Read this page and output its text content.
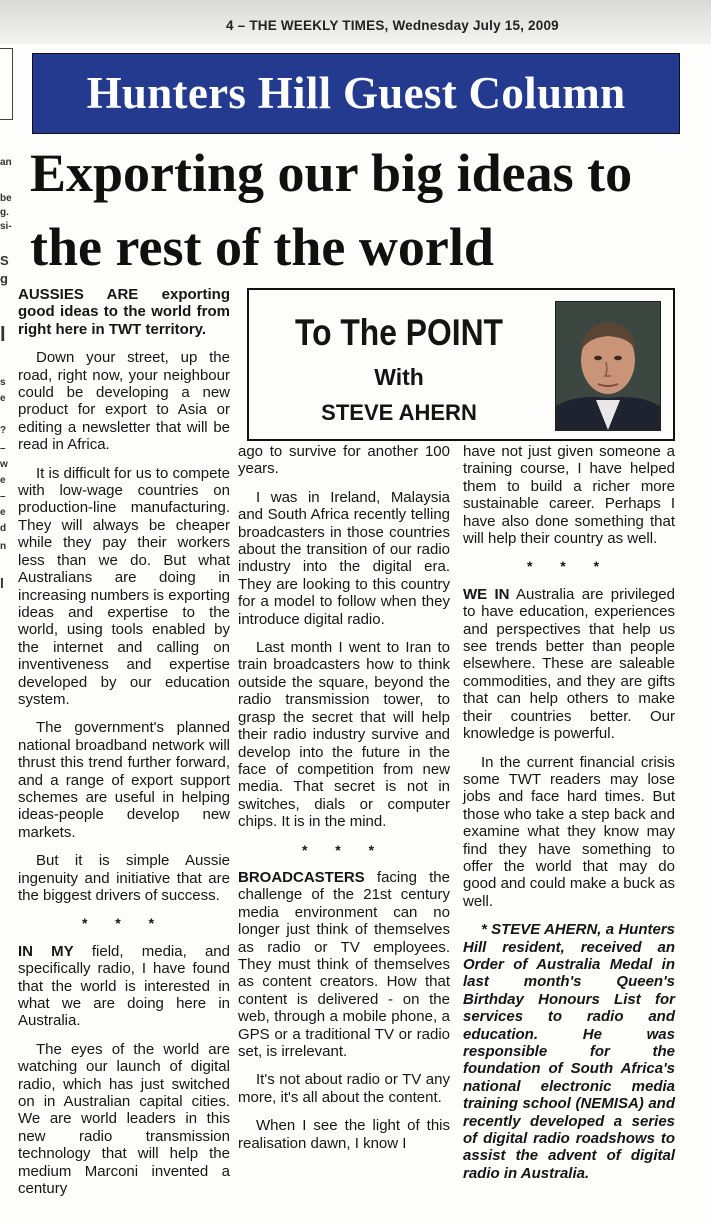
4 – THE WEEKLY TIMES, Wednesday July 15, 2009
an
be
g.
si-
S
g
l
s
e
?
–
w
e
–
e
d
n
l
Hunters Hill Guest Column
Exporting our big ideas to the rest of the world
To The POINT
With
STEVE AHERN

AUSSIES ARE exporting good ideas to the world from right here in TWT territory.

Down your street, up the road, right now, your neighbour could be developing a new product for export to Asia or editing a newsletter that will be read in Africa.

It is difficult for us to compete with low-wage countries on production-line manufacturing. They will always be cheaper while they pay their workers less than we do. But what Australians are doing in increasing numbers is exporting ideas and expertise to the world, using tools enabled by the internet and calling on inventiveness and expertise developed by our education system.

The government's planned national broadband network will thrust this trend further forward, and a range of export support schemes are useful in helping ideas-people develop new markets.

But it is simple Aussie ingenuity and initiative that are the biggest drivers of success.

* * *

IN MY field, media, and specifically radio, I have found that the world is interested in what we are doing here in Australia.

The eyes of the world are watching our launch of digital radio, which has just switched on in Australian capital cities. We are world leaders in this new radio transmission technology that will help the medium Marconi invented a century

ago to survive for another 100 years.

I was in Ireland, Malaysia and South Africa recently telling broadcasters in those countries about the transition of our radio industry into the digital era. They are looking to this country for a model to follow when they introduce digital radio.

Last month I went to Iran to train broadcasters how to think outside the square, beyond the radio transmission tower, to grasp the secret that will help their radio industry survive and develop into the future in the face of competition from new media. That secret is not in switches, dials or computer chips. It is in the mind.

* * *

BROADCASTERS facing the challenge of the 21st century media environment can no longer just think of themselves as radio or TV employees. They must think of themselves as content creators. How that content is delivered - on the web, through a mobile phone, a GPS or a traditional TV or radio set, is irrelevant.

It's not about radio or TV any more, it's all about the content.

When I see the light of this realisation dawn, I know I

have not just given someone a training course, I have helped them to build a richer more sustainable career. Perhaps I have also done something that will help their country as well.

* * *

WE IN Australia are privileged to have education, experiences and perspectives that help us see trends better than people elsewhere. These are saleable commodities, and they are gifts that can help others to make their countries better. Our knowledge is powerful.

In the current financial crisis some TWT readers may lose jobs and face hard times. But those who take a step back and examine what they know may find they have something to offer the world that may do good and could make a buck as well.

* STEVE AHERN, a Hunters Hill resident, received an Order of Australia Medal in last month's Queen's Birthday Honours List for services to radio and education. He was responsible for the foundation of South Africa's national electronic media training school (NEMISA) and recently developed a series of digital radio roadshows to assist the advent of digital radio in Australia.
